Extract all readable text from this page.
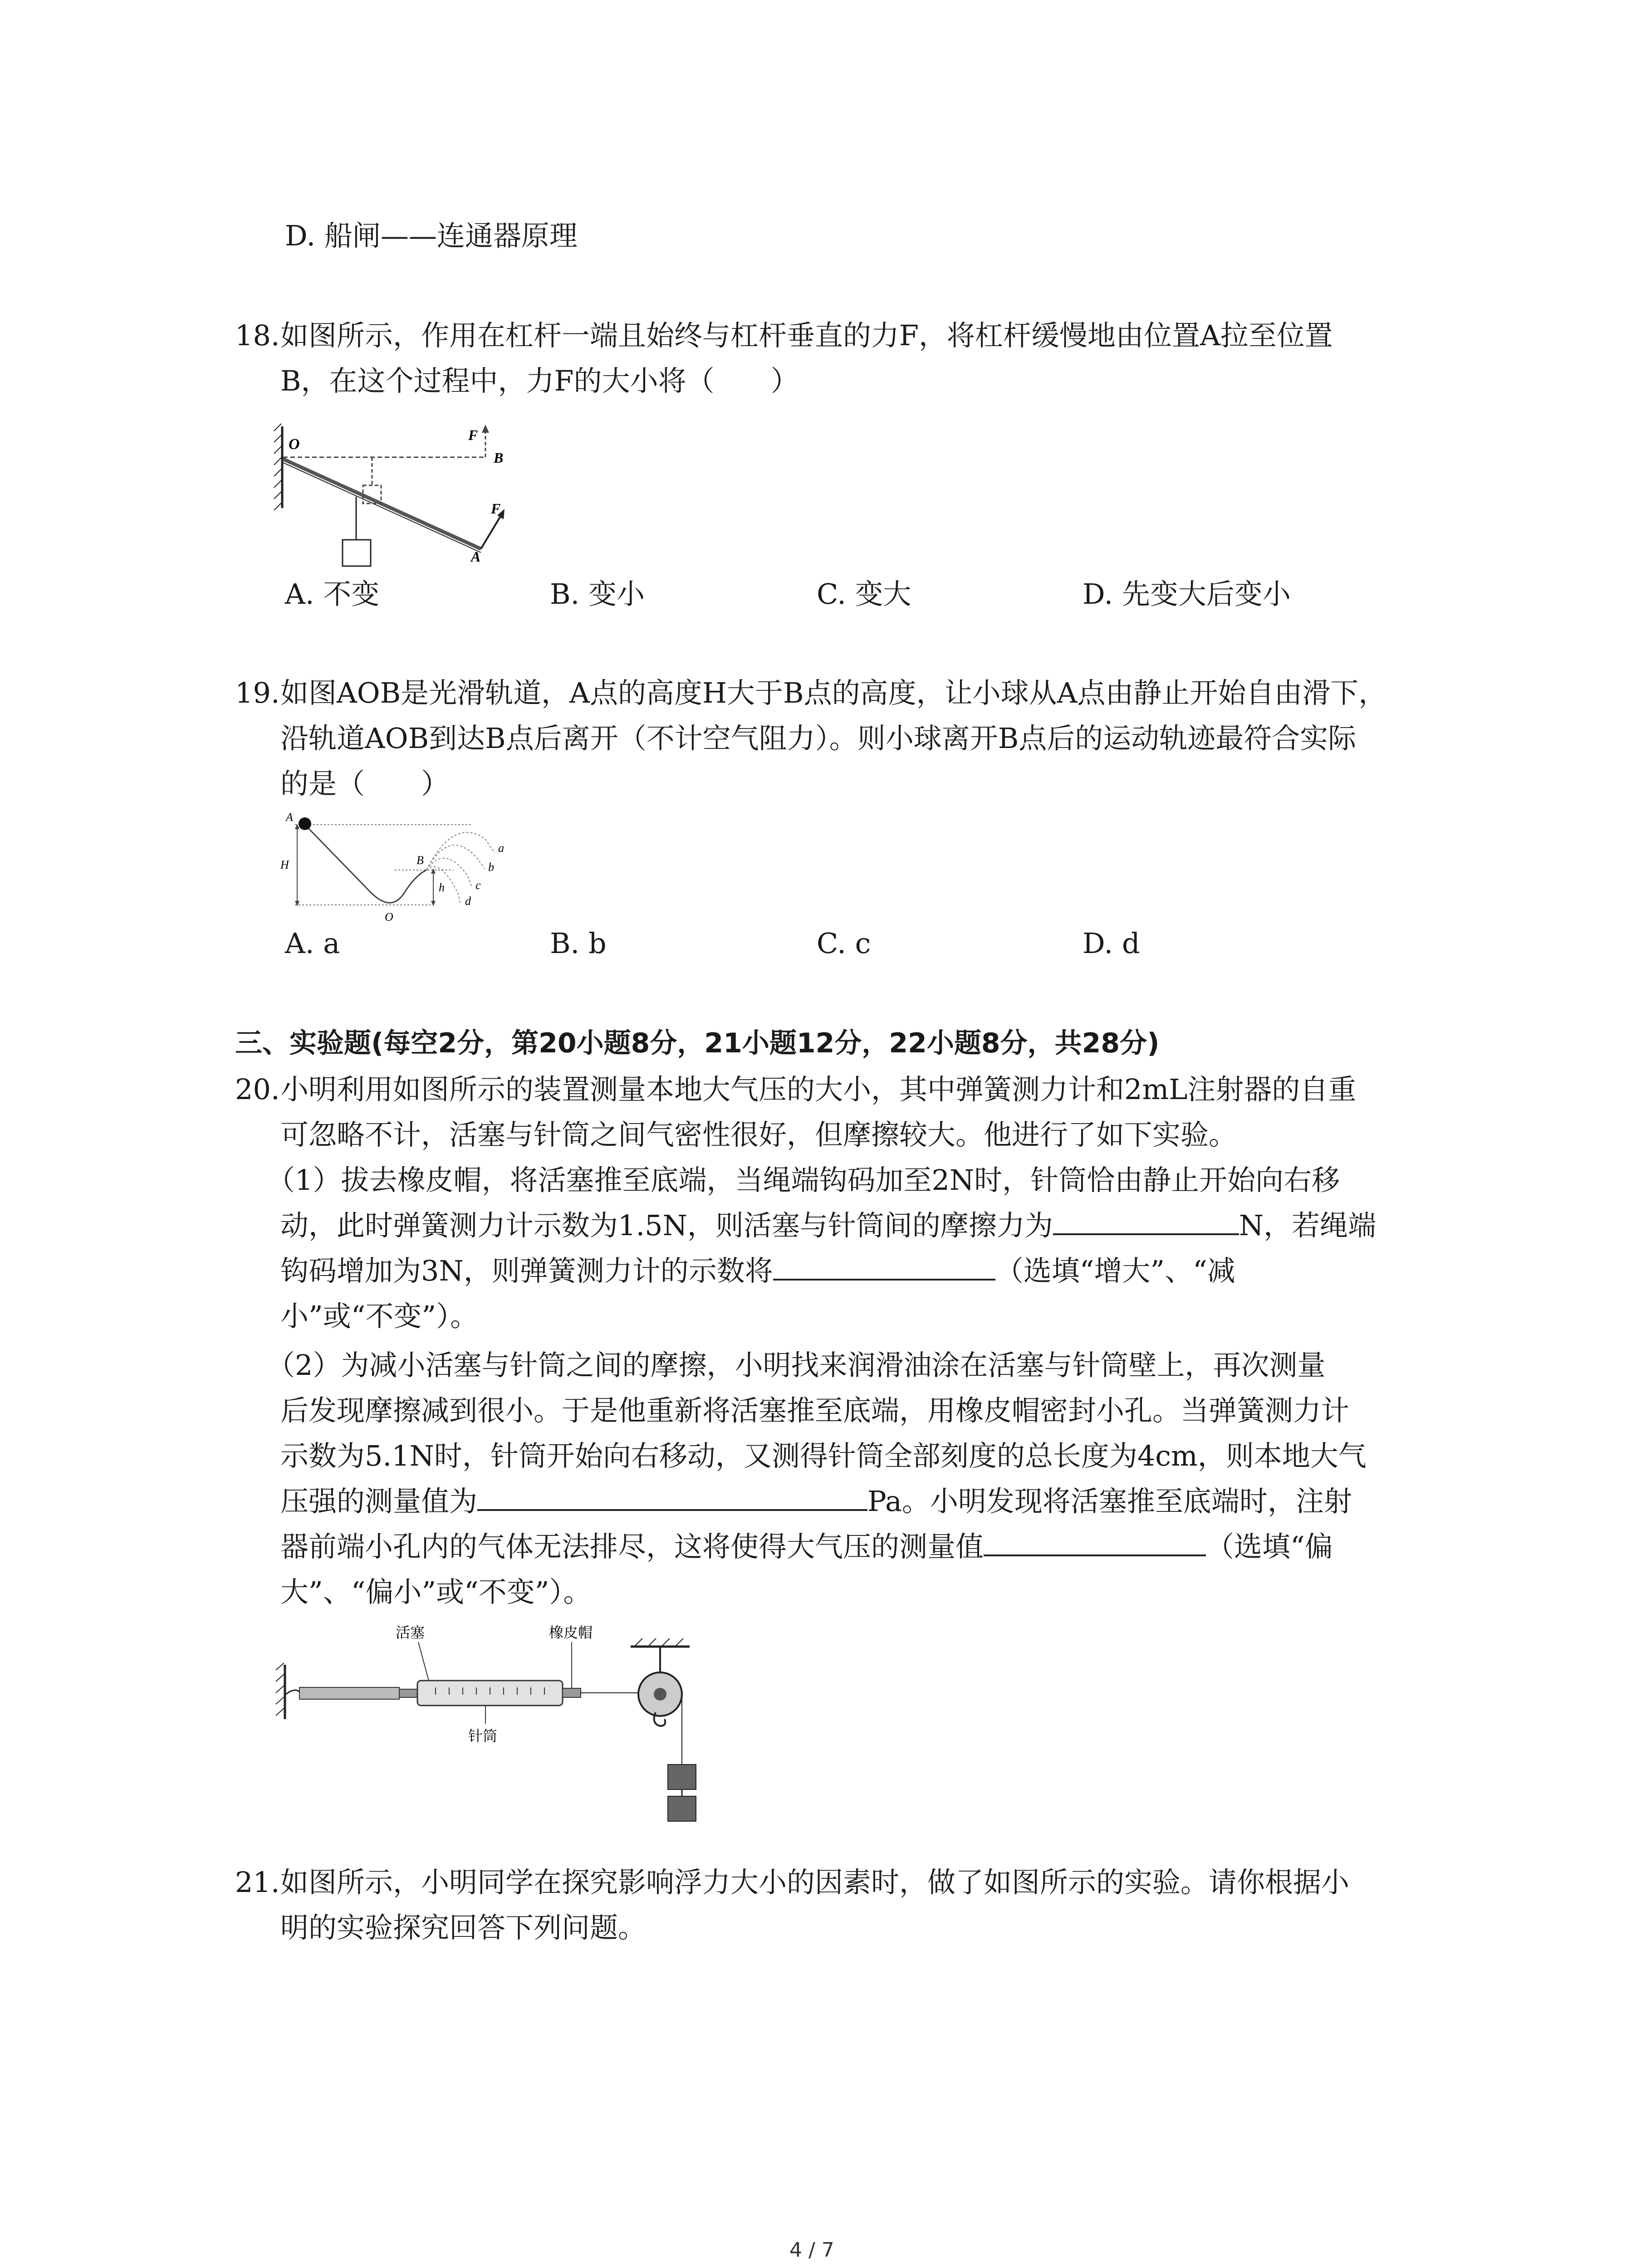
D. 船闸——连通器原理
18. 如图所示，作用在杠杆一端且始终与杠杆垂直的力F，将杠杆缓慢地由位置A拉至位置
B，在这个过程中，力F的大小将（　　）
O
B
F
F
A
A. 不变	B. 变小	C. 变大	D. 先变大后变小
19. 如图AOB是光滑轨道，A点的高度H大于B点的高度，让小球从A点由静止开始自由滑下，
沿轨道AOB到达B点后离开（不计空气阻力）。则小球离开B点后的运动轨迹最符合实际
的是（　　）
A
H
O
B
h
a
b
c
d
A. a	B. b	C. c	D. d
三、实验题(每空2分，第20小题8分，21小题12分，22小题8分，共28分)
20. 小明利用如图所示的装置测量本地大气压的大小，其中弹簧测力计和2mL注射器的自重
可忽略不计，活塞与针筒之间气密性很好，但摩擦较大。他进行了如下实验。
（1）拔去橡皮帽，将活塞推至底端，当绳端钩码加至2N时，针筒恰由静止开始向右移
动，此时弹簧测力计示数为1.5N，则活塞与针筒间的摩擦力为	N，若绳端
钩码增加为3N，则弹簧测力计的示数将	（选填“增大”、“减
小”或“不变”）。
（2）为减小活塞与针筒之间的摩擦，小明找来润滑油涂在活塞与针筒壁上，再次测量
后发现摩擦减到很小。于是他重新将活塞推至底端，用橡皮帽密封小孔。当弹簧测力计
示数为5.1N时，针筒开始向右移动，又测得针筒全部刻度的总长度为4cm，则本地大气
压强的测量值为	Pa。小明发现将活塞推至底端时，注射
器前端小孔内的气体无法排尽，这将使得大气压的测量值	（选填“偏
大”、“偏小”或“不变”）。
活塞	橡皮帽
针筒
21. 如图所示，小明同学在探究影响浮力大小的因素时，做了如图所示的实验。请你根据小
明的实验探究回答下列问题。
4 / 7
